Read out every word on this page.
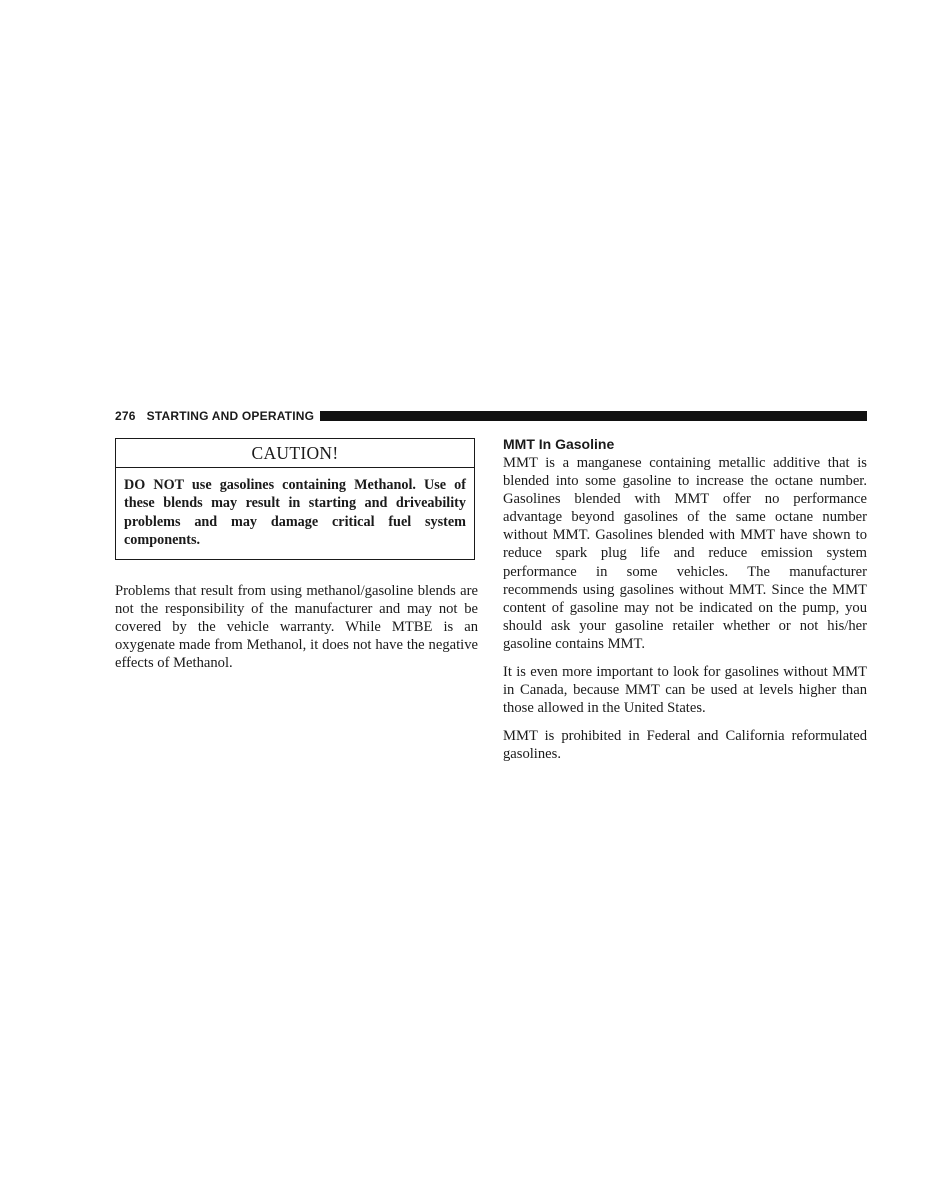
276 STARTING AND OPERATING
CAUTION!
DO NOT use gasolines containing Methanol. Use of these blends may result in starting and driveability problems and may damage critical fuel system components.

Problems that result from using methanol/gasoline blends are not the responsibility of the manufacturer and may not be covered by the vehicle warranty. While MTBE is an oxygenate made from Methanol, it does not have the negative effects of Methanol.

MMT In Gasoline

MMT is a manganese containing metallic additive that is blended into some gasoline to increase the octane number. Gasolines blended with MMT offer no performance advantage beyond gasolines of the same octane number without MMT. Gasolines blended with MMT have shown to reduce spark plug life and reduce emission system performance in some vehicles. The manufacturer recommends using gasolines without MMT. Since the MMT content of gasoline may not be indicated on the pump, you should ask your gasoline retailer whether or not his/her gasoline contains MMT.

It is even more important to look for gasolines without MMT in Canada, because MMT can be used at levels higher than those allowed in the United States.

MMT is prohibited in Federal and California reformulated gasolines.
